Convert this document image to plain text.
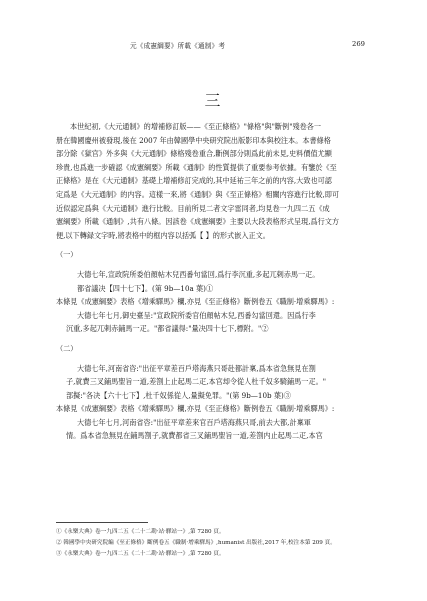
元《成憲綱要》所載《通制》考	269
三
本世紀初,《大元通制》的增補修訂版——《至正條格》"條格"與"斷例"殘卷各一
册在韓國慶州被發現,後在 2007 年由韓國學中央研究院出版影印本與校注本。本書條格
部分除《獄官》外多與《大元通制》條格殘卷重合,斷例部分則爲此前未見,史料價值尤顯
珍貴,也爲進一步確認《成憲綱要》所載《通制》的性質提供了重要参考依據。有鑒於《至
正條格》是在《大元通制》基礎上增補修訂完成的,其中延祐三年之前的内容,大致也可認
定爲是《大元通制》的内容。這樣一來,將《通制》與《至正條格》相關内容進行比較,即可
近似認定爲與《大元通制》進行比較。目前所見二者文字雷同者,均見卷一九四二五《成
憲綱要》所載《通制》,共有八條。因該卷《成憲綱要》主要以大段表格形式呈現,爲行文方
便,以下轉録文字時,將表格中的框内容以括弧【 】的形式嵌入正文。
（一）
大德七年,宣政院所委伯顔帖木兒西番句當回,爲行李沉重,多起兀剌赤馬一疋。
都省議决【四十七下】。(第 9b—10a 葉)①
本條見《成憲綱要》表格《增乘驛馬》欄,亦見《至正條格》斷例卷五《職制·增乘驛馬》:
大德七年七月,御史臺呈:"宣政院所委官伯顔帖木兒,西番勾當回還。因爲行李
沉重,多起兀剌赤鋪馬一疋。"都省議得:"量决四十七下,標附。"②
（二）
大德七年,河南省咨:"出征平章差百戶塔海燕只哥赴都計稟,爲本省急無見在劄
子,就費三叉鋪馬聖旨一道,差劄上止起馬二疋,本官却令從人杜千奴多騎鋪馬一疋。"
部擬:"各决【六十七下】,杜千奴係從人,量擬免罪。"(第 9b—10b 葉)③
本條見《成憲綱要》表格《增乘驛馬》欄,亦見《至正條格》斷例卷五《職制·增乘驛馬》:
大德七年七月,河南省咨:"出征平章差來官百戶塔海燕只哥,前去大都,計稟軍
情。爲本省急無見在鋪馬劄子,就費都省三叉鋪馬聖旨一道,差劄内止起馬二疋,本官
①《永樂大典》卷一九四二五《二十二勘·站·驛站一》,第 7280 頁。
② 韓國學中央研究院編《至正條格》斷例卷五《職制·增乘驛馬》,humanist 出版社,2017 年,校注本第 209 頁。
③《永樂大典》卷一九四二五《二十二勘·站·驛站一》,第 7280 頁。
